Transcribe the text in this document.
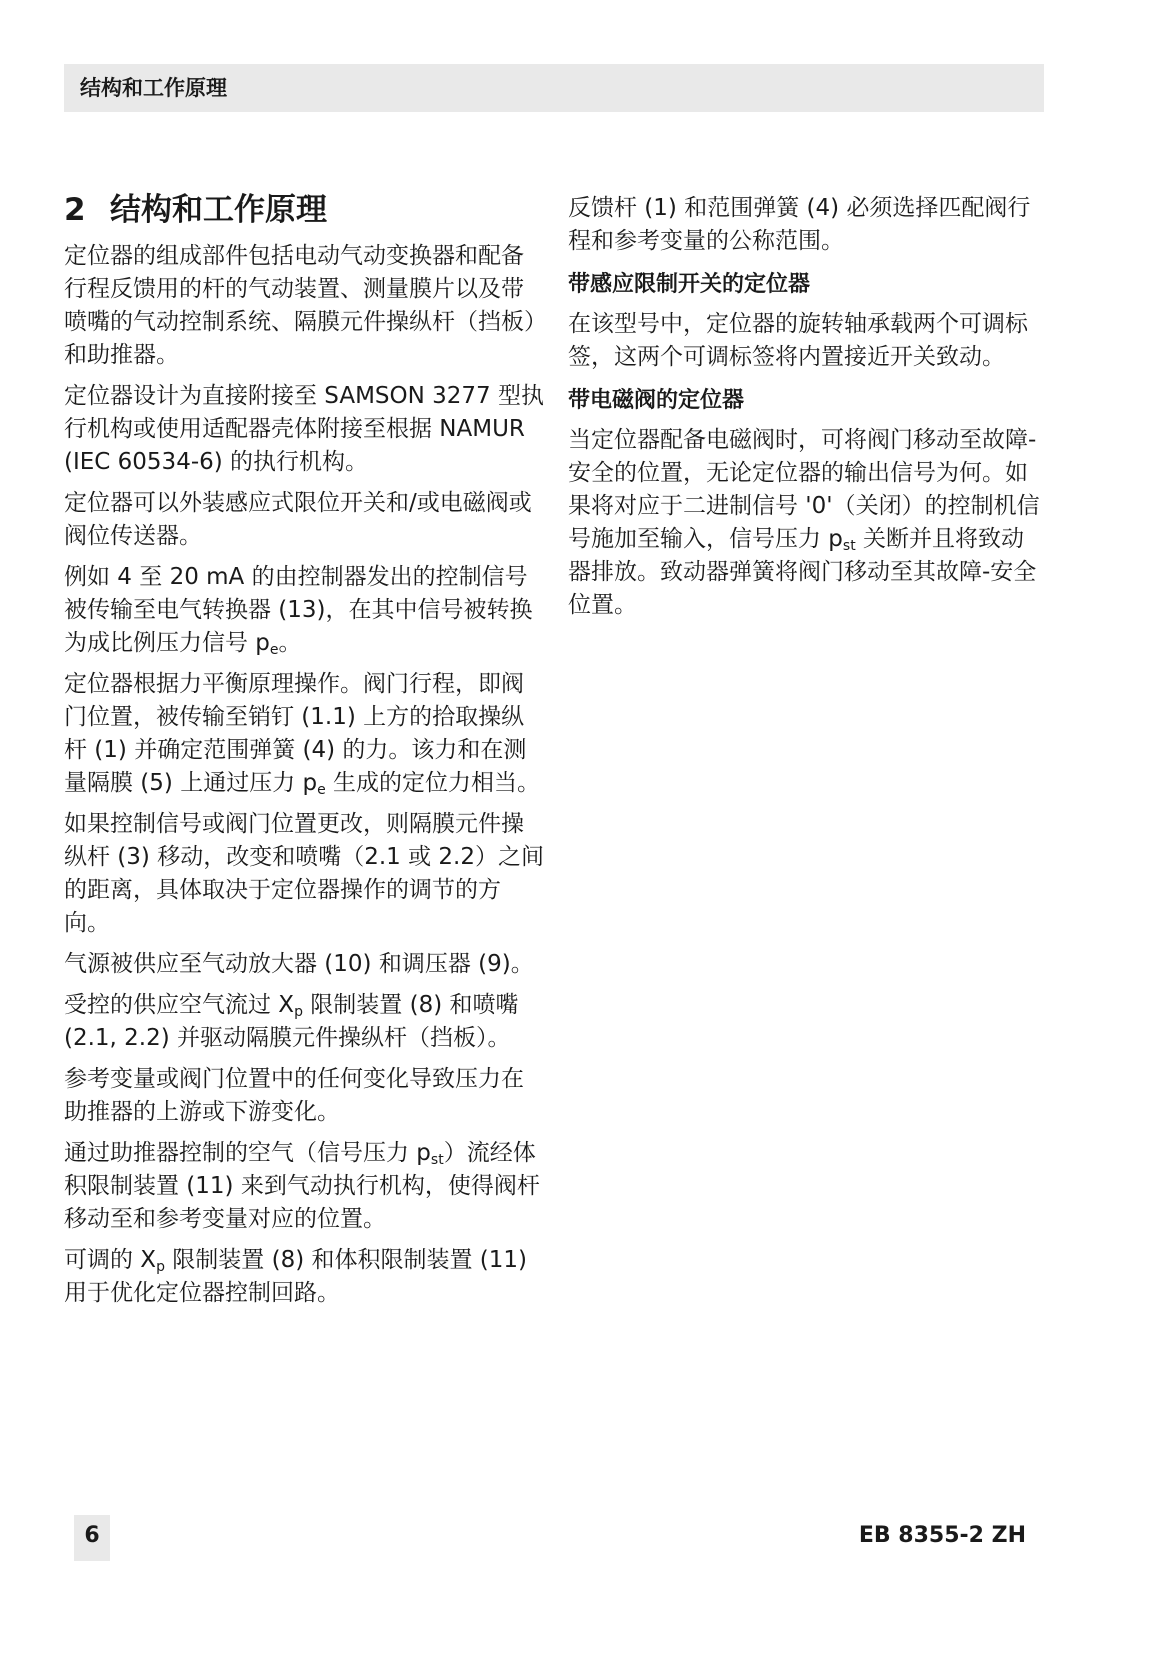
结构和工作原理
2 结构和工作原理

定位器的组成部件包括电动气动变换器和配备行程反馈用的杆的气动装置、测量膜片以及带喷嘴的气动控制系统、隔膜元件操纵杆（挡板）和助推器。

定位器设计为直接附接至 SAMSON 3277 型执行机构或使用适配器壳体附接至根据 NAMUR (IEC 60534-6) 的执行机构。

定位器可以外装感应式限位开关和/或电磁阀或阀位传送器。

例如 4 至 20 mA 的由控制器发出的控制信号被传输至电气转换器 (13)，在其中信号被转换为成比例压力信号 $p_e$。

定位器根据力平衡原理操作。阀门行程，即阀门位置，被传输至销钉 (1.1) 上方的拾取操纵杆 (1) 并确定范围弹簧 (4) 的力。该力和在测量隔膜 (5) 上通过压力 $p_e$ 生成的定位力相当。

如果控制信号或阀门位置更改，则隔膜元件操纵杆 (3) 移动，改变和喷嘴（2.1 或 2.2）之间的距离，具体取决于定位器操作的调节的方向。

气源被供应至气动放大器 (10) 和调压器 (9)。

受控的供应空气流过 $X_p$ 限制装置 (8) 和喷嘴 (2.1, 2.2) 并驱动隔膜元件操纵杆（挡板）。

参考变量或阀门位置中的任何变化导致压力在助推器的上游或下游变化。

通过助推器控制的空气（信号压力 $p_{st}$）流经体积限制装置 (11) 来到气动执行机构，使得阀杆移动至和参考变量对应的位置。

可调的 $X_p$ 限制装置 (8) 和体积限制装置 (11) 用于优化定位器控制回路。

反馈杆 (1) 和范围弹簧 (4) 必须选择匹配阀行程和参考变量的公称范围。

带感应限制开关的定位器

在该型号中，定位器的旋转轴承载两个可调标签，这两个可调标签将内置接近开关致动。

带电磁阀的定位器

当定位器配备电磁阀时，可将阀门移动至故障-安全的位置，无论定位器的输出信号为何。如果将对应于二进制信号 '0'（关闭）的控制机信号施加至输入，信号压力 $p_{st}$ 关断并且将致动器排放。致动器弹簧将阀门移动至其故障-安全位置。

6	EB 8355-2 ZH
